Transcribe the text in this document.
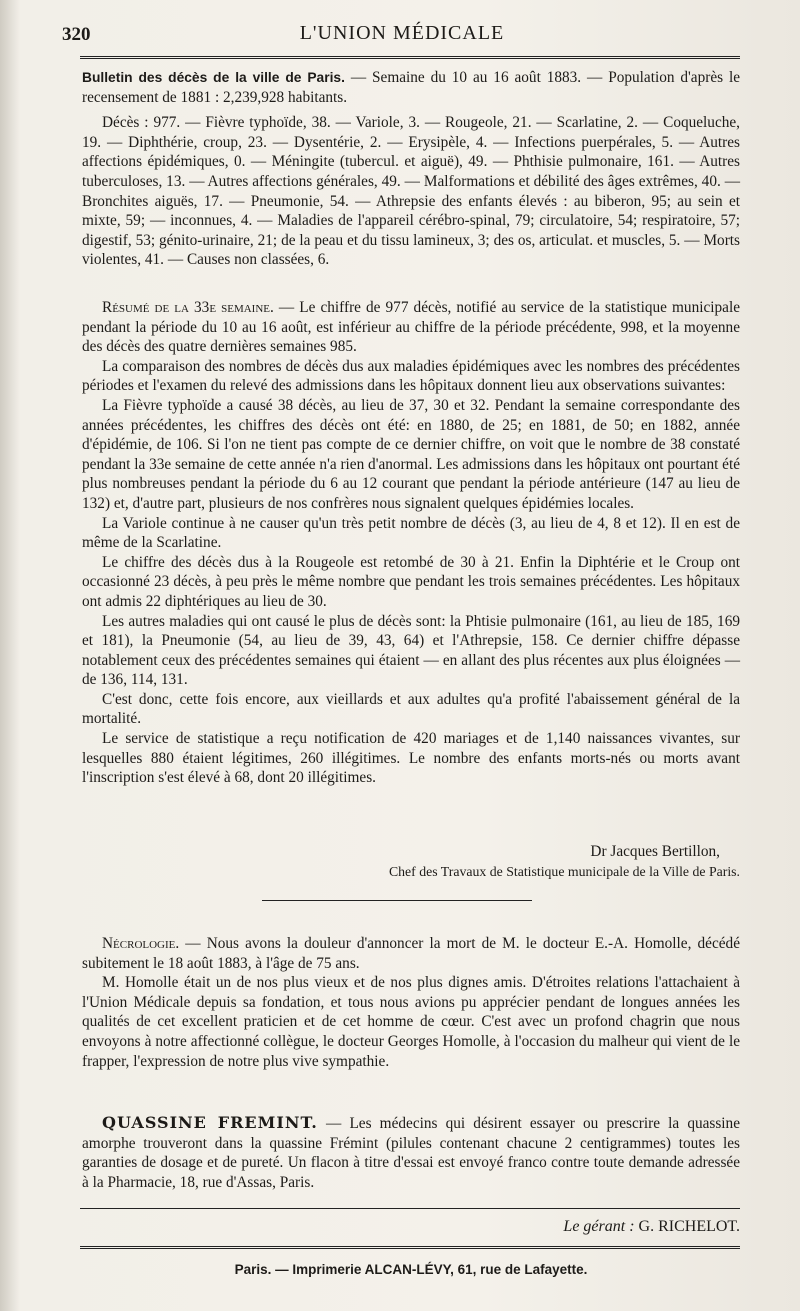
320	L'UNION MÉDICALE

Bulletin des décès de la ville de Paris. — Semaine du 10 au 16 août 1883. — Population d'après le recensement de 1881 : 2,239,928 habitants.

Décès : 977. — Fièvre typhoïde, 38. — Variole, 3. — Rougeole, 21. — Scarlatine, 2. — Coqueluche, 19. — Diphthérie, croup, 23. — Dysentérie, 2. — Erysipèle, 4. — Infections puerpérales, 5. — Autres affections épidémiques, 0. — Méningite (tubercul. et aiguë), 49. — Phthisie pulmonaire, 161. — Autres tuberculoses, 13. — Autres affections générales, 49. — Malformations et débilité des âges extrêmes, 40. — Bronchites aiguës, 17. — Pneumonie, 54. — Athrepsie des enfants élevés : au biberon, 95; au sein et mixte, 59; — inconnues, 4. — Maladies de l'appareil cérébro-spinal, 79; circulatoire, 54; respiratoire, 57; digestif, 53; génito-urinaire, 21; de la peau et du tissu lamineux, 3; des os, articulat. et muscles, 5. — Morts violentes, 41. — Causes non classées, 6.

Résumé de la 33e semaine. — Le chiffre de 977 décès, notifié au service de la statistique municipale pendant la période du 10 au 16 août, est inférieur au chiffre de la période précédente, 998, et la moyenne des décès des quatre dernières semaines 985.

La comparaison des nombres de décès dus aux maladies épidémiques avec les nombres des précédentes périodes et l'examen du relevé des admissions dans les hôpitaux donnent lieu aux observations suivantes:

La Fièvre typhoïde a causé 38 décès, au lieu de 37, 30 et 32. Pendant la semaine correspondante des années précédentes, les chiffres des décès ont été: en 1880, de 25; en 1881, de 50; en 1882, année d'épidémie, de 106. Si l'on ne tient pas compte de ce dernier chiffre, on voit que le nombre de 38 constaté pendant la 33e semaine de cette année n'a rien d'anormal. Les admissions dans les hôpitaux ont pourtant été plus nombreuses pendant la période du 6 au 12 courant que pendant la période antérieure (147 au lieu de 132) et, d'autre part, plusieurs de nos confrères nous signalent quelques épidémies locales.

La Variole continue à ne causer qu'un très petit nombre de décès (3, au lieu de 4, 8 et 12). Il en est de même de la Scarlatine.

Le chiffre des décès dus à la Rougeole est retombé de 30 à 21. Enfin la Diphtérie et le Croup ont occasionné 23 décès, à peu près le même nombre que pendant les trois semaines précédentes. Les hôpitaux ont admis 22 diphtériques au lieu de 30.

Les autres maladies qui ont causé le plus de décès sont: la Phtisie pulmonaire (161, au lieu de 185, 169 et 181), la Pneumonie (54, au lieu de 39, 43, 64) et l'Athrepsie, 158. Ce dernier chiffre dépasse notablement ceux des précédentes semaines qui étaient — en allant des plus récentes aux plus éloignées — de 136, 114, 131.

C'est donc, cette fois encore, aux vieillards et aux adultes qu'a profité l'abaissement général de la mortalité.

Le service de statistique a reçu notification de 420 mariages et de 1,140 naissances vivantes, sur lesquelles 880 étaient légitimes, 260 illégitimes. Le nombre des enfants morts-nés ou morts avant l'inscription s'est élevé à 68, dont 20 illégitimes.

Dr Jacques Bertillon,
Chef des Travaux de Statistique municipale de la Ville de Paris.

Nécrologie. — Nous avons la douleur d'annoncer la mort de M. le docteur E.-A. Homolle, décédé subitement le 18 août 1883, à l'âge de 75 ans.

M. Homolle était un de nos plus vieux et de nos plus dignes amis. D'étroites relations l'attachaient à l'Union Médicale depuis sa fondation, et tous nous avions pu apprécier pendant de longues années les qualités de cet excellent praticien et de cet homme de cœur. C'est avec un profond chagrin que nous envoyons à notre affectionné collègue, le docteur Georges Homolle, à l'occasion du malheur qui vient de le frapper, l'expression de notre plus vive sympathie.

QUASSINE FREMINT. — Les médecins qui désirent essayer ou prescrire la quassine amorphe trouveront dans la quassine Frémint (pilules contenant chacune 2 centigrammes) toutes les garanties de dosage et de pureté. Un flacon à titre d'essai est envoyé franco contre toute demande adressée à la Pharmacie, 18, rue d'Assas, Paris.

Le gérant : G. RICHELOT.
Paris. — Imprimerie ALCAN-LÉVY, 61, rue de Lafayette.
